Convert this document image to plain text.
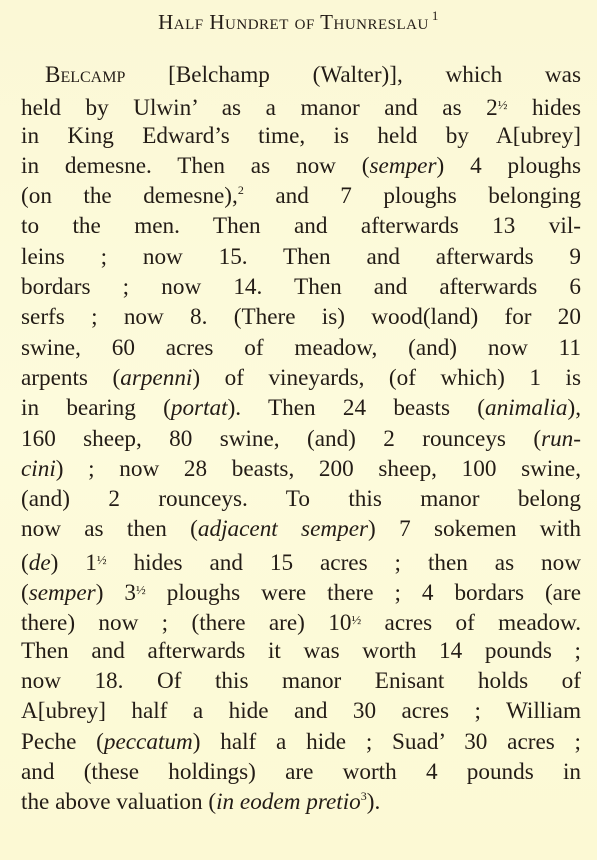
Half Hundret of Thunreslau $^1$
Belcamp [Belchamp (Walter)], which was
held by Ulwin’ as a manor and as $2^{\frac{1}{2}}$ hides
in King Edward’s time, is held by A[ubrey]
in demesne. Then as now (semper) 4 ploughs
(on the demesne),$^2$ and 7 ploughs belonging
to the men. Then and afterwards 13 vil-
leins ; now 15. Then and afterwards 9
bordars ; now 14. Then and afterwards 6
serfs ; now 8. (There is) wood(land) for 20
swine, 60 acres of meadow, (and) now 11
arpents (arpenni) of vineyards, (of which) 1 is
in bearing (portat). Then 24 beasts (animalia),
160 sheep, 80 swine, (and) 2 rounceys (run-
cini) ; now 28 beasts, 200 sheep, 100 swine,
(and) 2 rounceys. To this manor belong
now as then (adjacent semper) 7 sokemen with
(de) $1^{\frac{1}{2}}$ hides and 15 acres ; then as now
(semper) $3^{\frac{1}{2}}$ ploughs were there ; 4 bordars (are
there) now ; (there are) $10^{\frac{1}{2}}$ acres of meadow.
Then and afterwards it was worth 14 pounds ;
now 18. Of this manor Enisant holds of
A[ubrey] half a hide and 30 acres ; William
Peche (peccatum) half a hide ; Suad’ 30 acres ;
and (these holdings) are worth 4 pounds in
the above valuation (in eodem pretio$^3$).
